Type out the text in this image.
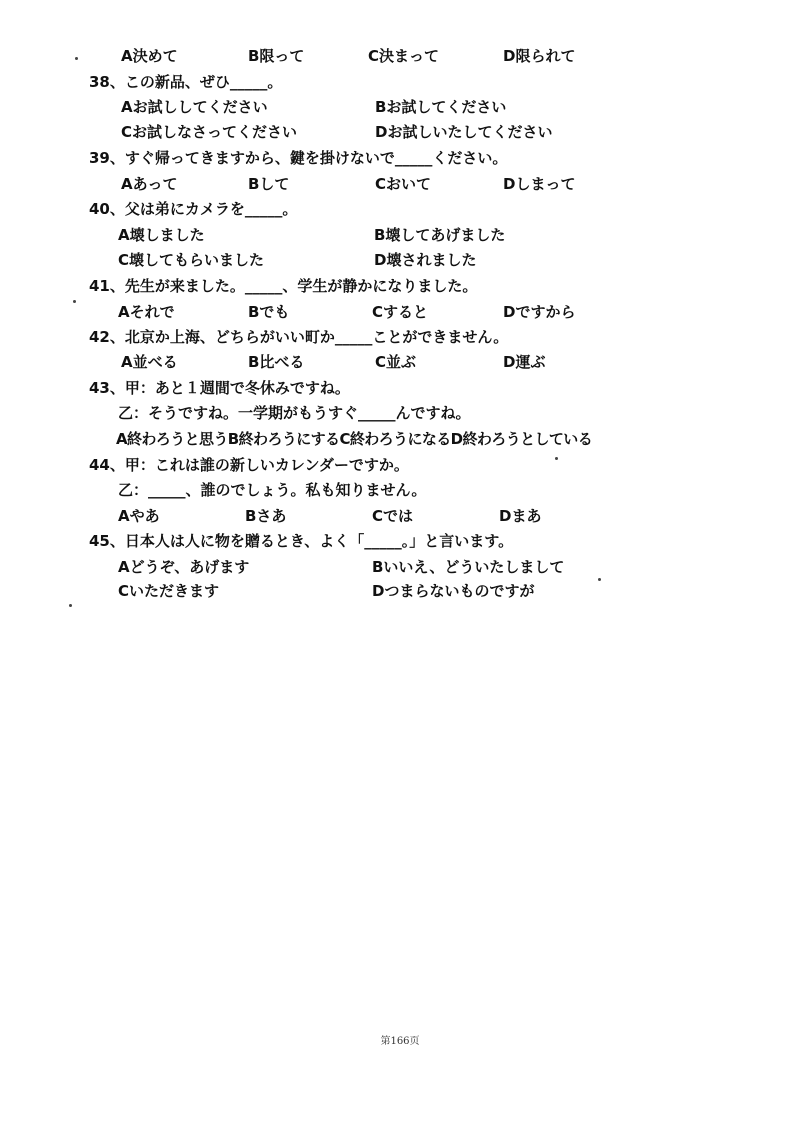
A決めて	B限って	C決まって	D限られて
38、この新品、ぜひ_____。
Aお試ししてください	Bお試してください
Cお試しなさってください	Dお試しいたしてください
39、すぐ帰ってきますから、鍵を掛けないで_____ください。
Aあって	Bして	Cおいて	Dしまって
40、父は弟にカメラを_____。
A壊しました	B壊してあげました
C壊してもらいました	D壊されました
41、先生が来ました。_____、学生が静かになりました。
Aそれで	Bでも	Cすると	Dですから
42、北京か上海、どちらがいい町か_____ことができません。
A並べる	B比べる	C並ぶ	D運ぶ
43、甲：あと１週間で冬休みですね。
乙：そうですね。一学期がもうすぐ_____んですね。
A終わろうと思うB終わろうにするC終わろうになるD終わろうとしている
44、甲：これは誰の新しいカレンダーですか。
乙：_____、誰のでしょう。私も知りません。
Aやあ	Bさあ	Cでは	Dまあ
45、日本人は人に物を贈るとき、よく「_____。」と言います。
Aどうぞ、あげます	Bいいえ、どういたしまして
Cいただきます	Dつまらないものですが
第166页
